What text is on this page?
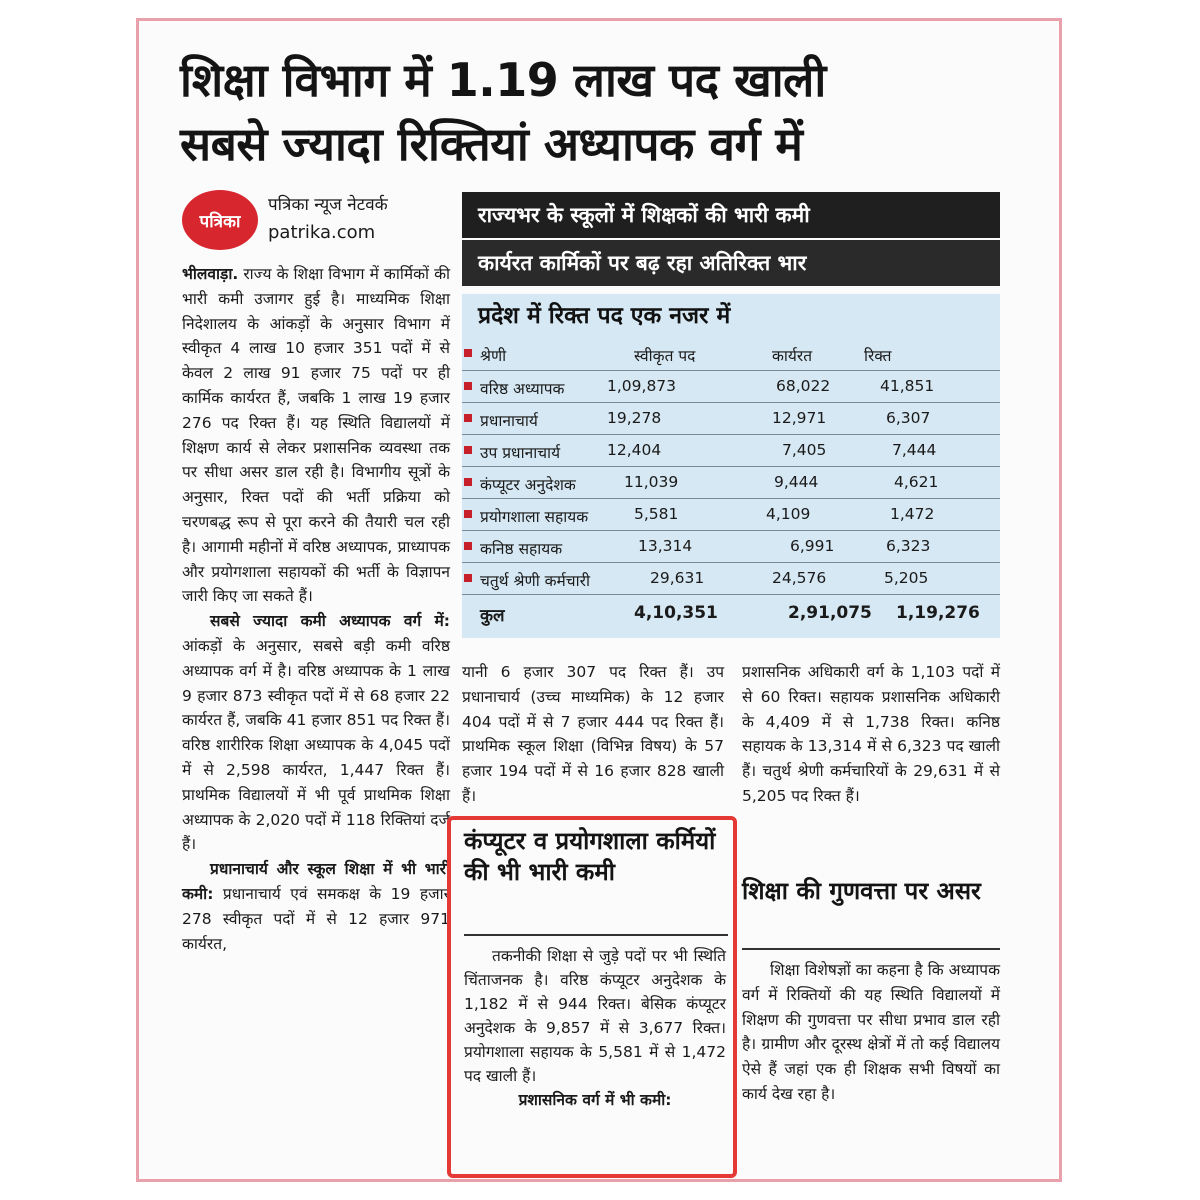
शिक्षा विभाग में 1.19 लाख पद खाली
सबसे ज्यादा रिक्तियां अध्यापक वर्ग में
पत्रिका
पत्रिका न्यूज नेटवर्क
patrika.com

भीलवाड़ा. राज्य के शिक्षा विभाग में कार्मिकों की भारी कमी उजागर हुई है। माध्यमिक शिक्षा निदेशालय के आंकड़ों के अनुसार विभाग में स्वीकृत 4 लाख 10 हजार 351 पदों में से केवल 2 लाख 91 हजार 75 पदों पर ही कार्मिक कार्यरत हैं, जबकि 1 लाख 19 हजार 276 पद रिक्त हैं। यह स्थिति विद्यालयों में शिक्षण कार्य से लेकर प्रशासनिक व्यवस्था तक पर सीधा असर डाल रही है। विभागीय सूत्रों के अनुसार, रिक्त पदों की भर्ती प्रक्रिया को चरणबद्ध रूप से पूरा करने की तैयारी चल रही है। आगामी महीनों में वरिष्ठ अध्यापक, प्राध्यापक और प्रयोगशाला सहायकों की भर्ती के विज्ञापन जारी किए जा सकते हैं।

सबसे ज्यादा कमी अध्यापक वर्ग में: आंकड़ों के अनुसार, सबसे बड़ी कमी वरिष्ठ अध्यापक वर्ग में है। वरिष्ठ अध्यापक के 1 लाख 9 हजार 873 स्वीकृत पदों में से 68 हजार 22 कार्यरत हैं, जबकि 41 हजार 851 पद रिक्त हैं। वरिष्ठ शारीरिक शिक्षा अध्यापक के 4,045 पदों में से 2,598 कार्यरत, 1,447 रिक्त हैं। प्राथमिक विद्यालयों में भी पूर्व प्राथमिक शिक्षा अध्यापक के 2,020 पदों में 118 रिक्तियां दर्ज हैं।

प्रधानाचार्य और स्कूल शिक्षा में भी भारी कमी: प्रधानाचार्य एवं समकक्ष के 19 हजार 278 स्वीकृत पदों में से 12 हजार 971 कार्यरत,

राज्यभर के स्कूलों में शिक्षकों की भारी कमी
कार्यरत कार्मिकों पर बढ़ रहा अतिरिक्त भार
प्रदेश में रिक्त पद एक नजर में
श्रेणी	स्वीकृत पद	कार्यरत	रिक्त
वरिष्ठ अध्यापक	1,09,873	68,022	41,851
प्रधानाचार्य	19,278	12,971	6,307
उप प्रधानाचार्य	12,404	7,405	7,444
कंप्यूटर अनुदेशक	11,039	9,444	4,621
प्रयोगशाला सहायक	5,581	4,109	1,472
कनिष्ठ सहायक	13,314	6,991	6,323
चतुर्थ श्रेणी कर्मचारी	29,631	24,576	5,205
कुल	4,10,351	2,91,075 1,19,276

यानी 6 हजार 307 पद रिक्त हैं। उप प्रधानाचार्य (उच्च माध्यमिक) के 12 हजार 404 पदों में से 7 हजार 444 पद रिक्त हैं। प्राथमिक स्कूल शिक्षा (विभिन्न विषय) के 57 हजार 194 पदों में से 16 हजार 828 खाली हैं।

कंप्यूटर व प्रयोगशाला कर्मियों की भी भारी कमी

तकनीकी शिक्षा से जुड़े पदों पर भी स्थिति चिंताजनक है। वरिष्ठ कंप्यूटर अनुदेशक के 1,182 में से 944 रिक्त। बेसिक कंप्यूटर अनुदेशक के 9,857 में से 3,677 रिक्त। प्रयोगशाला सहायक के 5,581 में से 1,472 पद खाली हैं।

प्रशासनिक वर्ग में भी कमी:

प्रशासनिक अधिकारी वर्ग के 1,103 पदों में से 60 रिक्त। सहायक प्रशासनिक अधिकारी के 4,409 में से 1,738 रिक्त। कनिष्ठ सहायक के 13,314 में से 6,323 पद खाली हैं। चतुर्थ श्रेणी कर्मचारियों के 29,631 में से 5,205 पद रिक्त हैं।

शिक्षा की गुणवत्ता पर असर

शिक्षा विशेषज्ञों का कहना है कि अध्यापक वर्ग में रिक्तियों की यह स्थिति विद्यालयों में शिक्षण की गुणवत्ता पर सीधा प्रभाव डाल रही है। ग्रामीण और दूरस्थ क्षेत्रों में तो कई विद्यालय ऐसे हैं जहां एक ही शिक्षक सभी विषयों का कार्य देख रहा है।
